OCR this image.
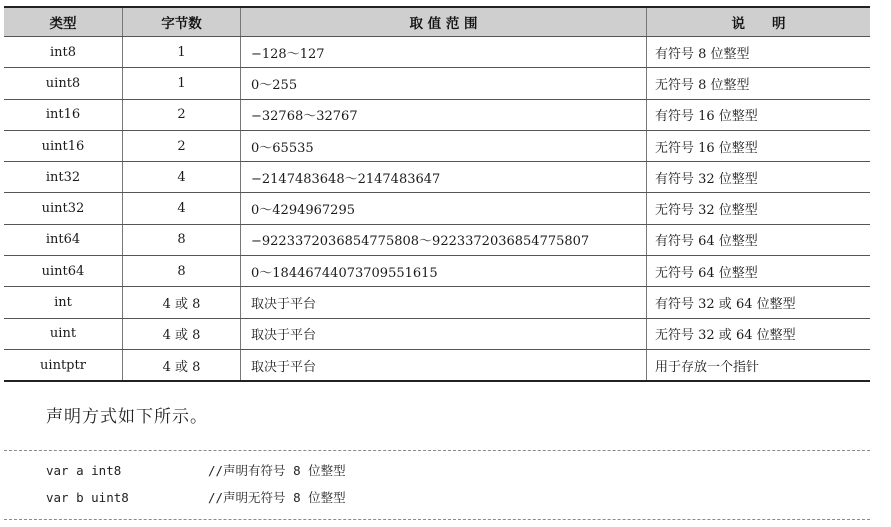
类型	字节数	取 值 范 围	说　　明
int8	1	−128～127	有符号 8 位整型
uint8	1	0～255	无符号 8 位整型
int16	2	−32768～32767	有符号 16 位整型
uint16	2	0～65535	无符号 16 位整型
int32	4	−2147483648～2147483647	有符号 32 位整型
uint32	4	0～4294967295	无符号 32 位整型
int64	8	−9223372036854775808～9223372036854775807	有符号 64 位整型
uint64	8	0～18446744073709551615	无符号 64 位整型
int	4 或 8	取决于平台	有符号 32 或 64 位整型
uint	4 或 8	取决于平台	无符号 32 或 64 位整型
uintptr	4 或 8	取决于平台	用于存放一个指针
声明方式如下所示。
var a int8	//声明有符号 8 位整型
var b uint8	//声明无符号 8 位整型
